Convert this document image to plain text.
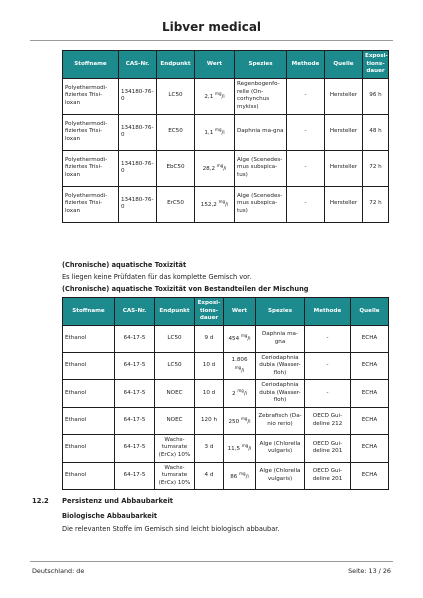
Libver medical
Stoffname	CAS-Nr.	Endpunkt	Wert	Spezies	Methode	Quelle	Exposi-tions-dauer
Polyethermodi-fiziertes Trisi-loxan	134180-76-0	LC50	2,1 $^{mg}$/l	Regenbogenfo-relle (On-corhynchus mykiss)	-	Hersteller	96 h
Polyethermodi-fiziertes Trisi-loxan	134180-76-0	EC50	1,1 $^{mg}$/l	Daphnia ma-gna	-	Hersteller	48 h
Polyethermodi-fiziertes Trisi-loxan	134180-76-0	EbC50	28,2 $^{mg}$/l	Alge (Scenedes-mus subspica-tus)	-	Hersteller	72 h
Polyethermodi-fiziertes Trisi-loxan	134180-76-0	ErC50	152,2 $^{mg}$/l	Alge (Scenedes-mus subspica-tus)	-	Hersteller	72 h
(Chronische) aquatische Toxizität
Es liegen keine Prüfdaten für das komplette Gemisch vor.
(Chronische) aquatische Toxizität von Bestandteilen der Mischung
Stoffname	CAS-Nr.	Endpunkt	Exposi-tions-dauer	Wert	Spezies	Methode	Quelle
Ethanol	64-17-5	LC50	9 d	454 $^{mg}$/l	Daphnia ma-gna	-	ECHA
Ethanol	64-17-5	LC50	10 d	1.806 $^{mg}$/l	Ceriodaphnia dubia (Wasser-floh)	-	ECHA
Ethanol	64-17-5	NOEC	10 d	2 $^{mg}$/l	Ceriodaphnia dubia (Wasser-floh)	-	ECHA
Ethanol	64-17-5	NOEC	120 h	250 $^{mg}$/l	Zebrafisch (Da-nio rerio)	OECD Gui-deline 212	ECHA
Ethanol	64-17-5	Wachs-tumsrate (ErCx) 10%	3 d	11,5 $^{mg}$/l	Alge (Chlorella vulgaris)	OECD Gui-deline 201	ECHA
Ethanol	64-17-5	Wachs-tumsrate (ErCx) 10%	4 d	86 $^{mg}$/l	Alge (Chlorella vulgaris)	OECD Gui-deline 201	ECHA
12.2 Persistenz und Abbaubarkeit
Biologische Abbaubarkeit
Die relevanten Stoffe im Gemisch sind leicht biologisch abbaubar.
Deutschland: de	Seite: 13 / 26
